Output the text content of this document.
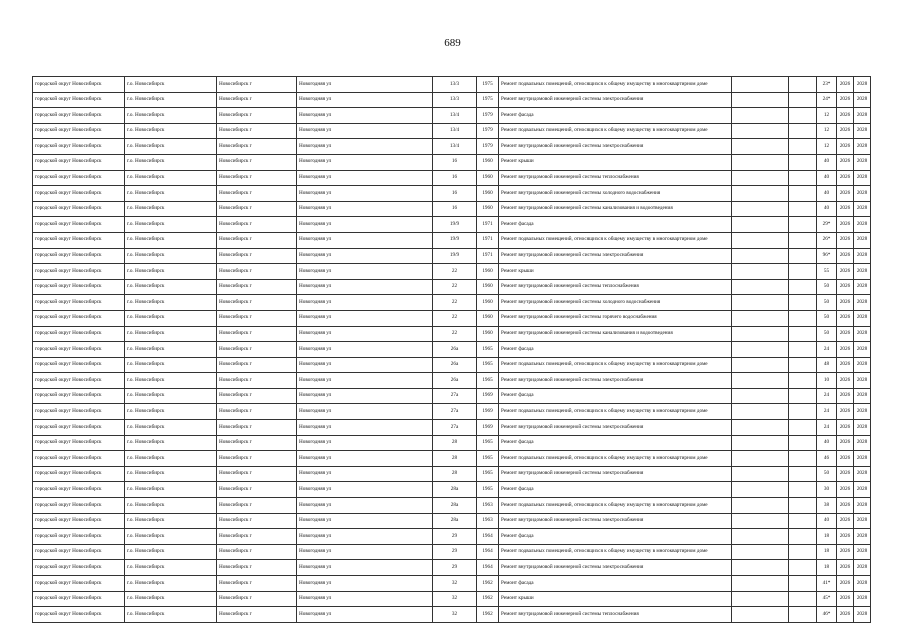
689
городской округ Новосибирск	г.о. Новосибирск	Новосибирск г	Новогодняя ул	13/3	1975	Ремонт подвальных помещений, относящихся к общему имуществу в многоквартирном доме			23*	2026	2028
городской округ Новосибирск	г.о. Новосибирск	Новосибирск г	Новогодняя ул	13/3	1975	Ремонт внутридомовой инженерной системы электроснабжения			24*	2026	2028
городской округ Новосибирск	г.о. Новосибирск	Новосибирск г	Новогодняя ул	13/4	1979	Ремонт фасада			12	2026	2028
городской округ Новосибирск	г.о. Новосибирск	Новосибирск г	Новогодняя ул	13/4	1979	Ремонт подвальных помещений, относящихся к общему имуществу в многоквартирном доме			12	2026	2028
городской округ Новосибирск	г.о. Новосибирск	Новосибирск г	Новогодняя ул	13/4	1979	Ремонт внутридомовой инженерной системы электроснабжения			12	2026	2028
городской округ Новосибирск	г.о. Новосибирск	Новосибирск г	Новогодняя ул	16	1960	Ремонт крыши			40	2026	2028
городской округ Новосибирск	г.о. Новосибирск	Новосибирск г	Новогодняя ул	16	1960	Ремонт внутридомовой инженерной системы теплоснабжения			40	2026	2028
городской округ Новосибирск	г.о. Новосибирск	Новосибирск г	Новогодняя ул	16	1960	Ремонт внутридомовой инженерной системы холодного водоснабжения			40	2026	2028
городской округ Новосибирск	г.о. Новосибирск	Новосибирск г	Новогодняя ул	16	1960	Ремонт внутридомовой инженерной системы канализования и водоотведения			40	2026	2028
городской округ Новосибирск	г.о. Новосибирск	Новосибирск г	Новогодняя ул	19/9	1971	Ремонт фасада			29*	2026	2028
городской округ Новосибирск	г.о. Новосибирск	Новосибирск г	Новогодняя ул	19/9	1971	Ремонт подвальных помещений, относящихся к общему имуществу в многоквартирном доме			26*	2026	2028
городской округ Новосибирск	г.о. Новосибирск	Новосибирск г	Новогодняя ул	19/9	1971	Ремонт внутридомовой инженерной системы электроснабжения			96*	2026	2028
городской округ Новосибирск	г.о. Новосибирск	Новосибирск г	Новогодняя ул	22	1960	Ремонт крыши			55	2026	2028
городской округ Новосибирск	г.о. Новосибирск	Новосибирск г	Новогодняя ул	22	1960	Ремонт внутридомовой инженерной системы теплоснабжения			50	2026	2028
городской округ Новосибирск	г.о. Новосибирск	Новосибирск г	Новогодняя ул	22	1960	Ремонт внутридомовой инженерной системы холодного водоснабжения			50	2026	2028
городской округ Новосибирск	г.о. Новосибирск	Новосибирск г	Новогодняя ул	22	1960	Ремонт внутридомовой инженерной системы горячего водоснабжения			50	2026	2028
городской округ Новосибирск	г.о. Новосибирск	Новосибирск г	Новогодняя ул	22	1960	Ремонт внутридомовой инженерной системы канализования и водоотведения			50	2026	2028
городской округ Новосибирск	г.о. Новосибирск	Новосибирск г	Новогодняя ул	26а	1965	Ремонт фасада			24	2026	2028
городской округ Новосибирск	г.о. Новосибирск	Новосибирск г	Новогодняя ул	26а	1965	Ремонт подвальных помещений, относящихся к общему имуществу в многоквартирном доме			48	2026	2028
городской округ Новосибирск	г.о. Новосибирск	Новосибирск г	Новогодняя ул	26а	1965	Ремонт внутридомовой инженерной системы электроснабжения			10	2026	2028
городской округ Новосибирск	г.о. Новосибирск	Новосибирск г	Новогодняя ул	27а	1969	Ремонт фасада			24	2026	2028
городской округ Новосибирск	г.о. Новосибирск	Новосибирск г	Новогодняя ул	27а	1969	Ремонт подвальных помещений, относящихся к общему имуществу в многоквартирном доме			24	2026	2028
городской округ Новосибирск	г.о. Новосибирск	Новосибирск г	Новогодняя ул	27а	1969	Ремонт внутридомовой инженерной системы электроснабжения			24	2026	2028
городской округ Новосибирск	г.о. Новосибирск	Новосибирск г	Новогодняя ул	28	1965	Ремонт фасада			40	2026	2028
городской округ Новосибирск	г.о. Новосибирск	Новосибирск г	Новогодняя ул	28	1965	Ремонт подвальных помещений, относящихся к общему имуществу в многоквартирном доме			46	2026	2028
городской округ Новосибирск	г.о. Новосибирск	Новосибирск г	Новогодняя ул	28	1965	Ремонт внутридомовой инженерной системы электроснабжения			50	2026	2028
городской округ Новосибирск	г.о. Новосибирск	Новосибирск г	Новогодняя ул	28а	1965	Ремонт фасада			30	2026	2028
городской округ Новосибирск	г.о. Новосибирск	Новосибирск г	Новогодняя ул	28а	1963	Ремонт подвальных помещений, относящихся к общему имуществу в многоквартирном доме			38	2026	2028
городской округ Новосибирск	г.о. Новосибирск	Новосибирск г	Новогодняя ул	28а	1963	Ремонт внутридомовой инженерной системы электроснабжения			40	2026	2028
городской округ Новосибирск	г.о. Новосибирск	Новосибирск г	Новогодняя ул	29	1964	Ремонт фасада			18	2026	2028
городской округ Новосибирск	г.о. Новосибирск	Новосибирск г	Новогодняя ул	29	1964	Ремонт подвальных помещений, относящихся к общему имуществу в многоквартирном доме			18	2026	2028
городской округ Новосибирск	г.о. Новосибирск	Новосибирск г	Новогодняя ул	29	1964	Ремонт внутридомовой инженерной системы электроснабжения			18	2026	2028
городской округ Новосибирск	г.о. Новосибирск	Новосибирск г	Новогодняя ул	32	1962	Ремонт фасада			41*	2026	2028
городской округ Новосибирск	г.о. Новосибирск	Новосибирск г	Новогодняя ул	32	1962	Ремонт крыши			45*	2026	2028
городской округ Новосибирск	г.о. Новосибирск	Новосибирск г	Новогодняя ул	32	1962	Ремонт внутридомовой инженерной системы теплоснабжения			46*	2026	2028
